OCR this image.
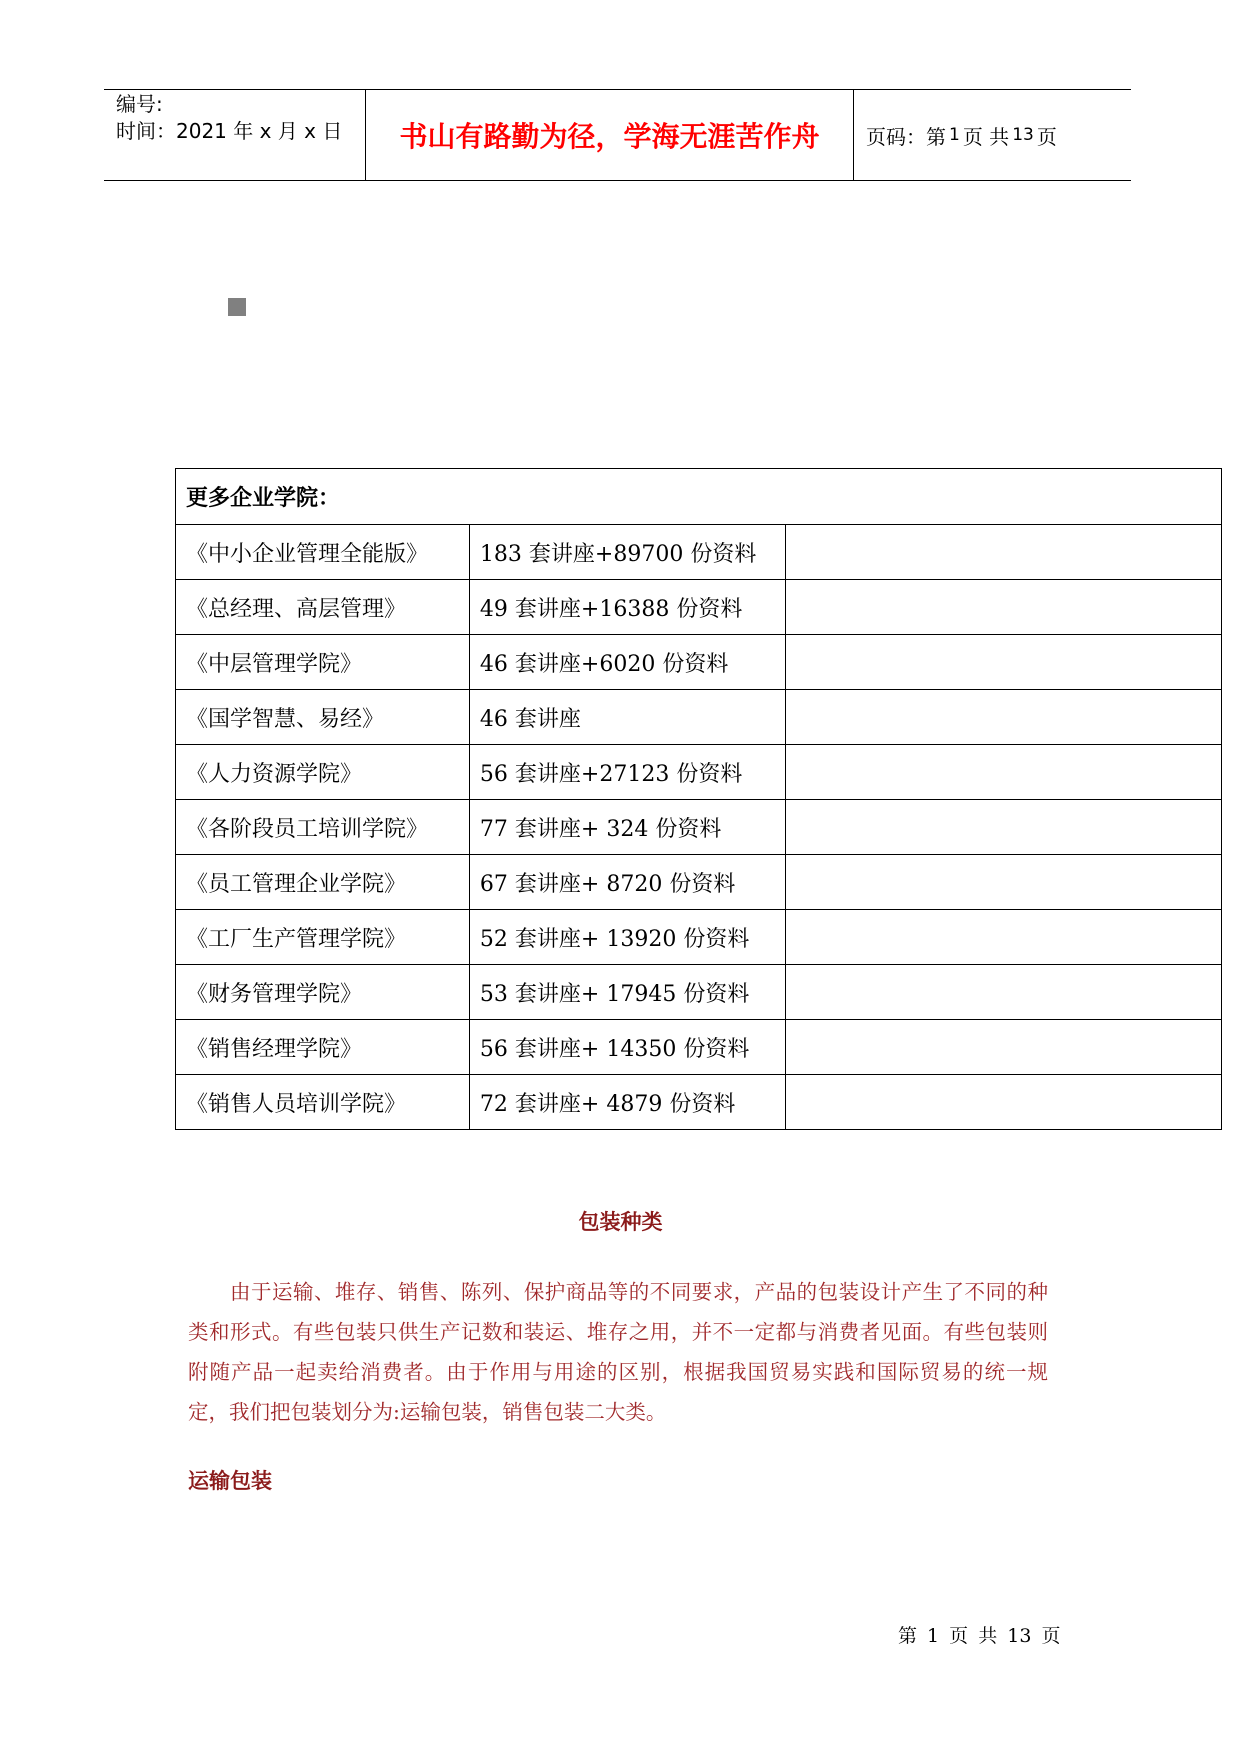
编号:
时间：2021 年 x 月 x 日	书山有路勤为径，学海无涯苦作舟	页码：第 1 页 共 13 页
更多企业学院：		
《中小企业管理全能版》	183 套讲座+89700 份资料	
《总经理、高层管理》	49 套讲座+16388 份资料	
《中层管理学院》	46 套讲座+6020 份资料	
《国学智慧、易经》	46 套讲座	
《人力资源学院》	56 套讲座+27123 份资料	
《各阶段员工培训学院》	77 套讲座+ 324 份资料	
《员工管理企业学院》	67 套讲座+ 8720 份资料	
《工厂生产管理学院》	52 套讲座+ 13920 份资料	
《财务管理学院》	53 套讲座+ 17945 份资料	
《销售经理学院》	56 套讲座+ 14350 份资料	
《销售人员培训学院》	72 套讲座+ 4879 份资料	
包装种类
由于运输、堆存、销售、陈列、保护商品等的不同要求，产品的包装设计产生了不同的种类和形式。有些包装只供生产记数和装运、堆存之用，并不一定都与消费者见面。有些包装则附随产品一起卖给消费者。由于作用与用途的区别，根据我国贸易实践和国际贸易的统一规定，我们把包装划分为:运输包装，销售包装二大类。
运输包装
第 1 页 共 13 页
